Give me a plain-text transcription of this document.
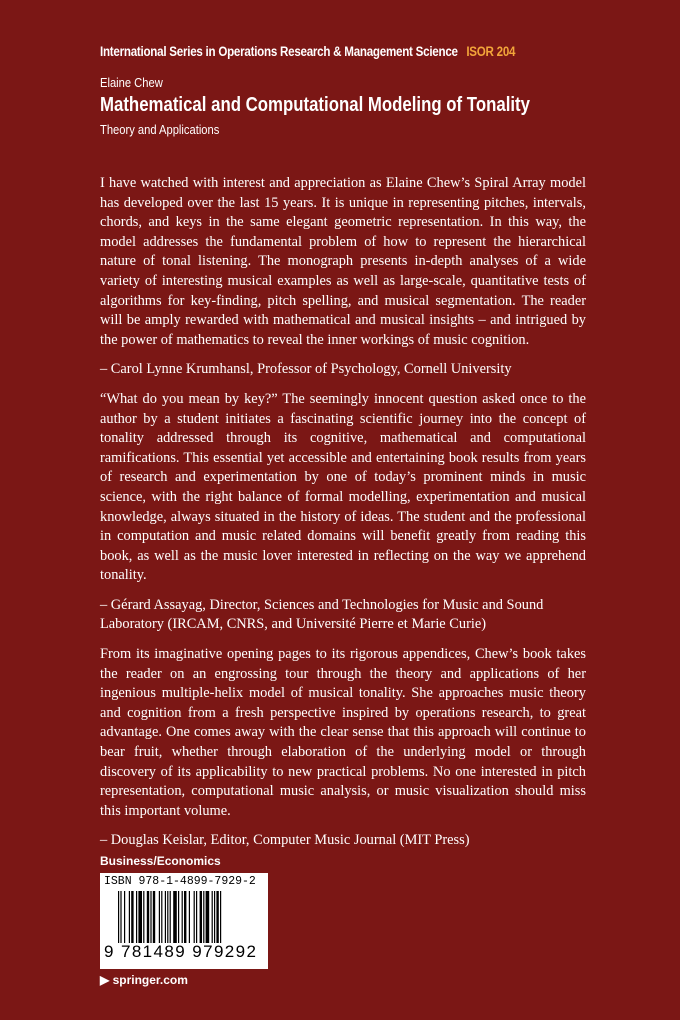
International Series in Operations Research & Management Science ISOR 204
Elaine Chew
Mathematical and Computational Modeling of Tonality
Theory and Applications

I have watched with interest and appreciation as Elaine Chew’s Spiral Array model has developed over the last 15 years. It is unique in representing pitches, intervals, chords, and keys in the same elegant geometric representation. In this way, the model addresses the fundamental problem of how to represent the hierarchical nature of tonal listening. The monograph presents in-depth analyses of a wide variety of interesting musical examples as well as large-scale, quantitative tests of algorithms for key-finding, pitch spelling, and musical segmentation. The reader will be amply rewarded with mathematical and musical insights – and intrigued by the power of mathematics to reveal the inner workings of music cognition.

– Carol Lynne Krumhansl, Professor of Psychology, Cornell University

“What do you mean by key?” The seemingly innocent question asked once to the author by a student initiates a fascinating scientific journey into the concept of tonality addressed through its cognitive, mathematical and computational ramifications. This essential yet accessible and entertaining book results from years of research and experimentation by one of today’s prominent minds in music science, with the right balance of formal modelling, experimentation and musical knowledge, always situated in the history of ideas. The student and the professional in computation and music related domains will benefit greatly from reading this book, as well as the music lover interested in reflecting on the way we apprehend tonality.

– Gérard Assayag, Director, Sciences and Technologies for Music and Sound Laboratory (IRCAM, CNRS, and Université Pierre et Marie Curie)

From its imaginative opening pages to its rigorous appendices, Chew’s book takes the reader on an engrossing tour through the theory and applications of her ingenious multiple-helix model of musical tonality. She approaches music theory and cognition from a fresh perspective inspired by operations research, to great advantage. One comes away with the clear sense that this approach will continue to bear fruit, whether through elaboration of the underlying model or through discovery of its applicability to new practical problems. No one interested in pitch representation, computational music analysis, or music visualization should miss this important volume.

– Douglas Keislar, Editor, Computer Music Journal (MIT Press)

Business/Economics
ISBN 978-1-4899-7929-2
9 781489 979292
▶ springer.com
